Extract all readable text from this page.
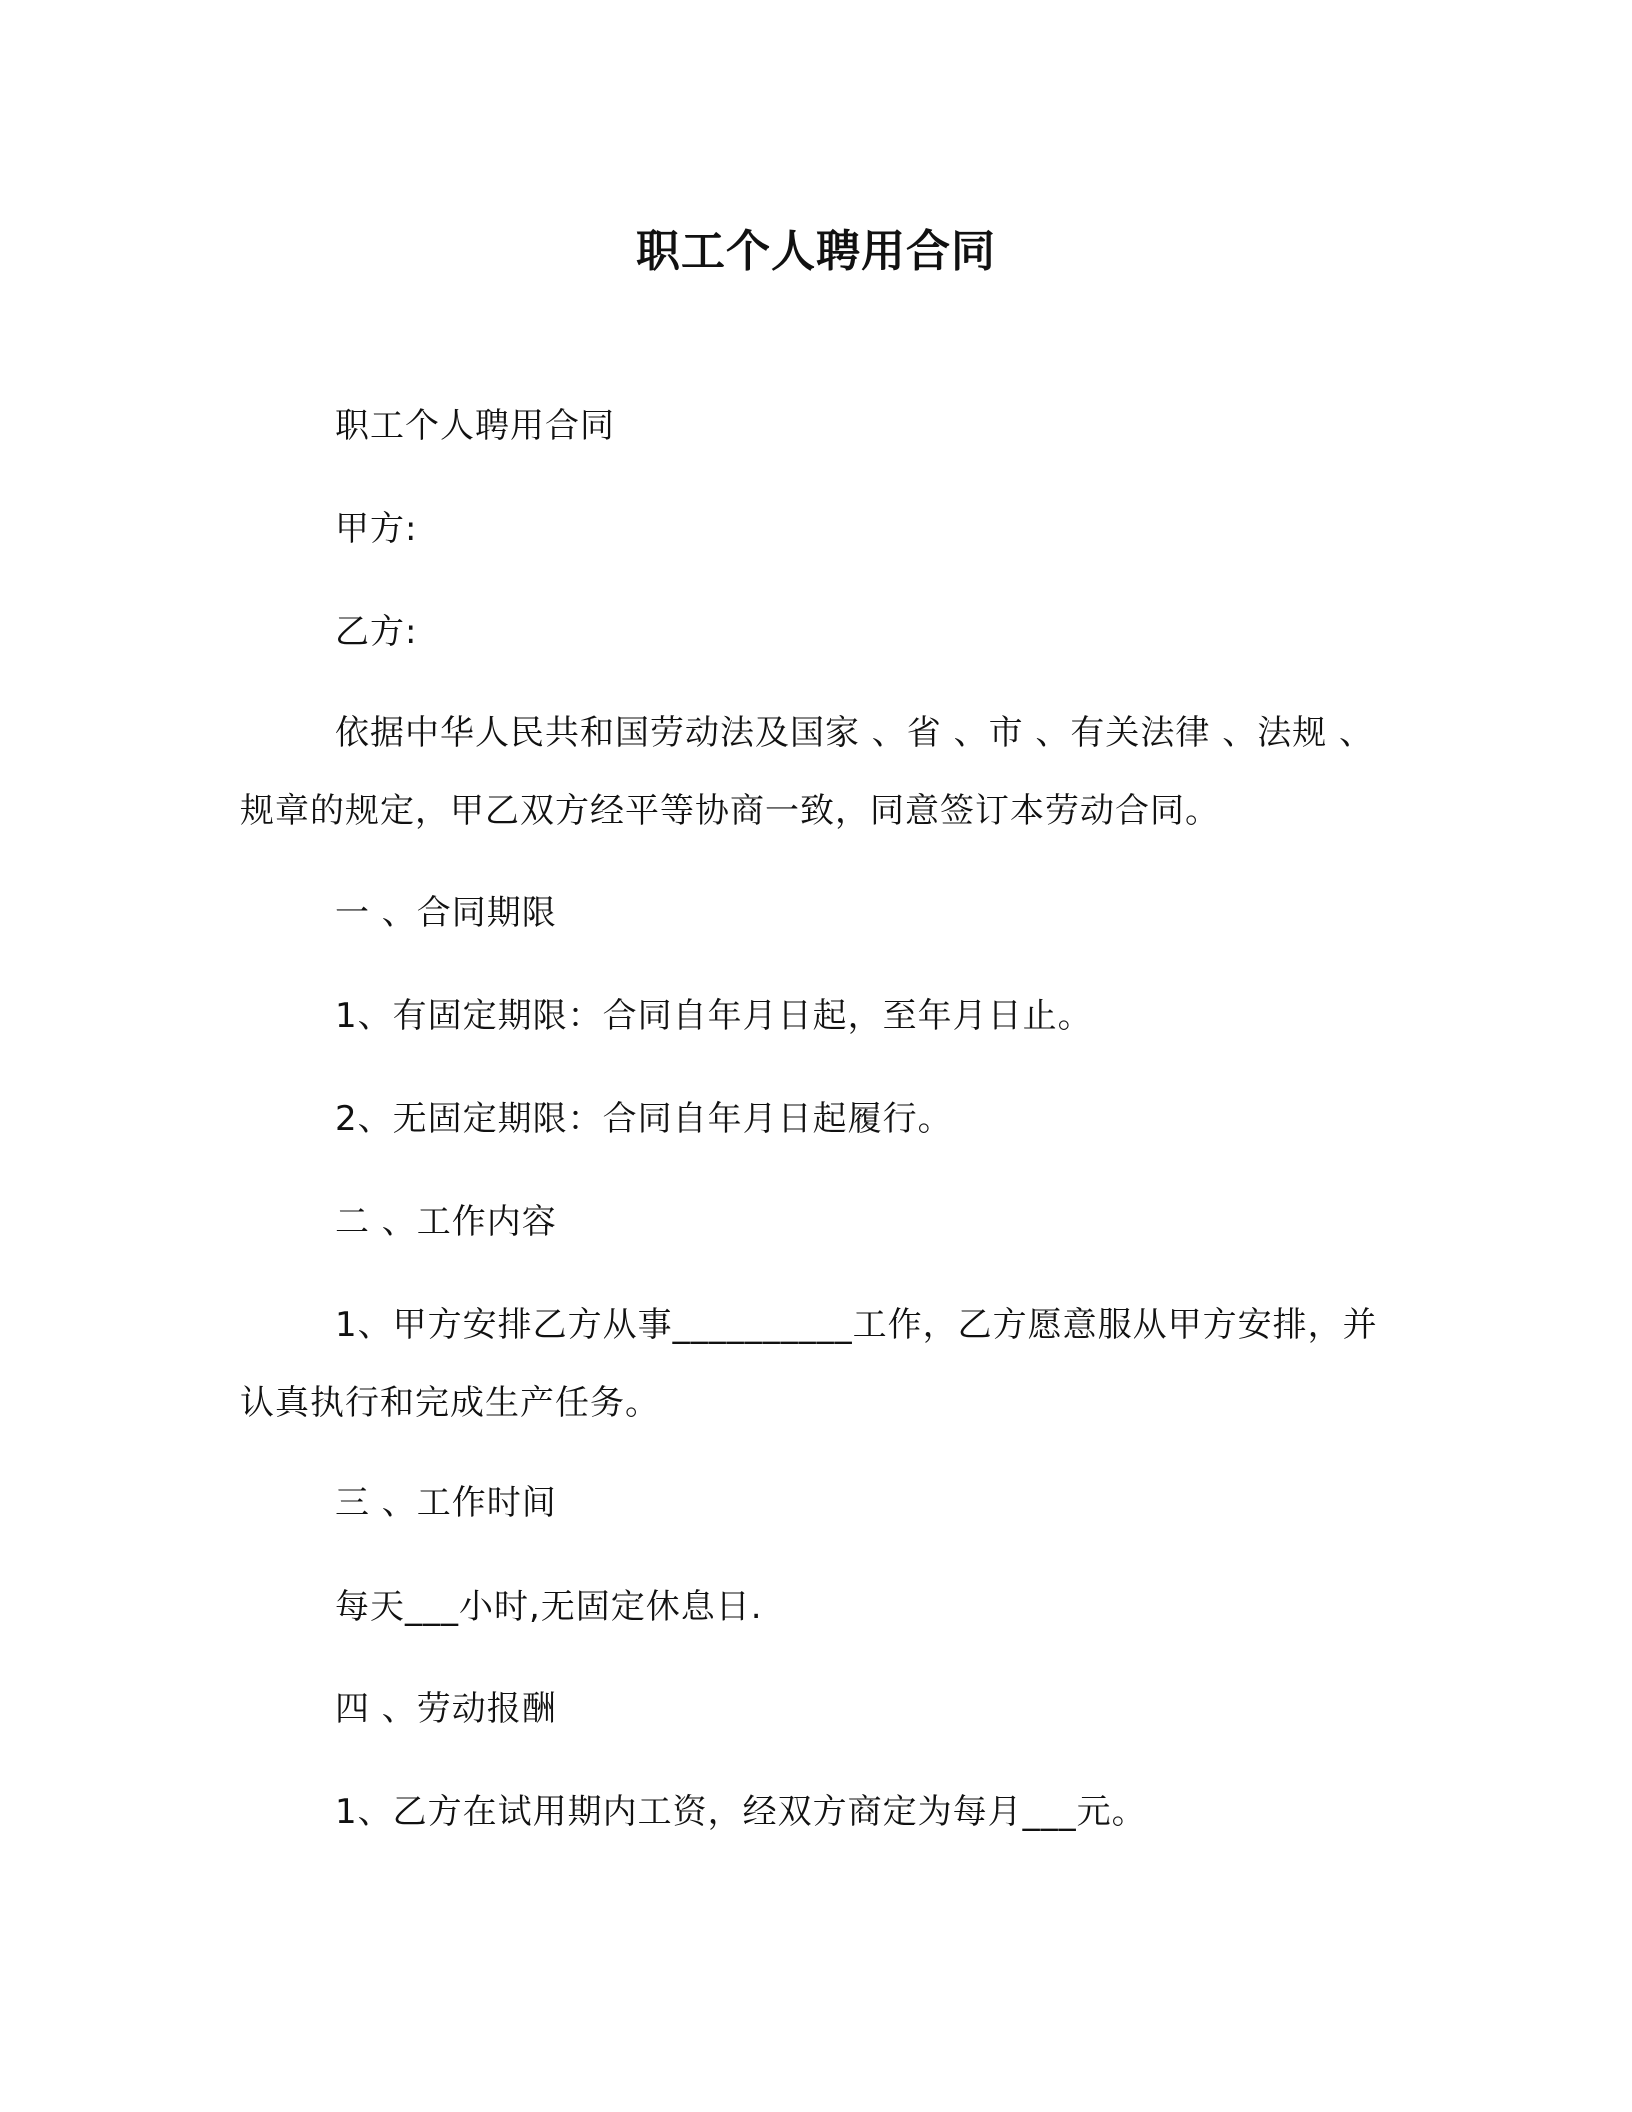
职工个人聘用合同

职工个人聘用合同

甲方:

乙方:

依据中华人民共和国劳动法及国家 、省 、市 、有关法律 、法规 、规章的规定，甲乙双方经平等协商一致，同意签订本劳动合同。

一 、合同期限

1、有固定期限：合同自年月日起，至年月日止。

2、无固定期限：合同自年月日起履行。

二 、工作内容

1、甲方安排乙方从事__________工作，乙方愿意服从甲方安排，并认真执行和完成生产任务。

三 、工作时间

每天___小时,无固定休息日.

四 、劳动报酬

1、乙方在试用期内工资，经双方商定为每月___元。
